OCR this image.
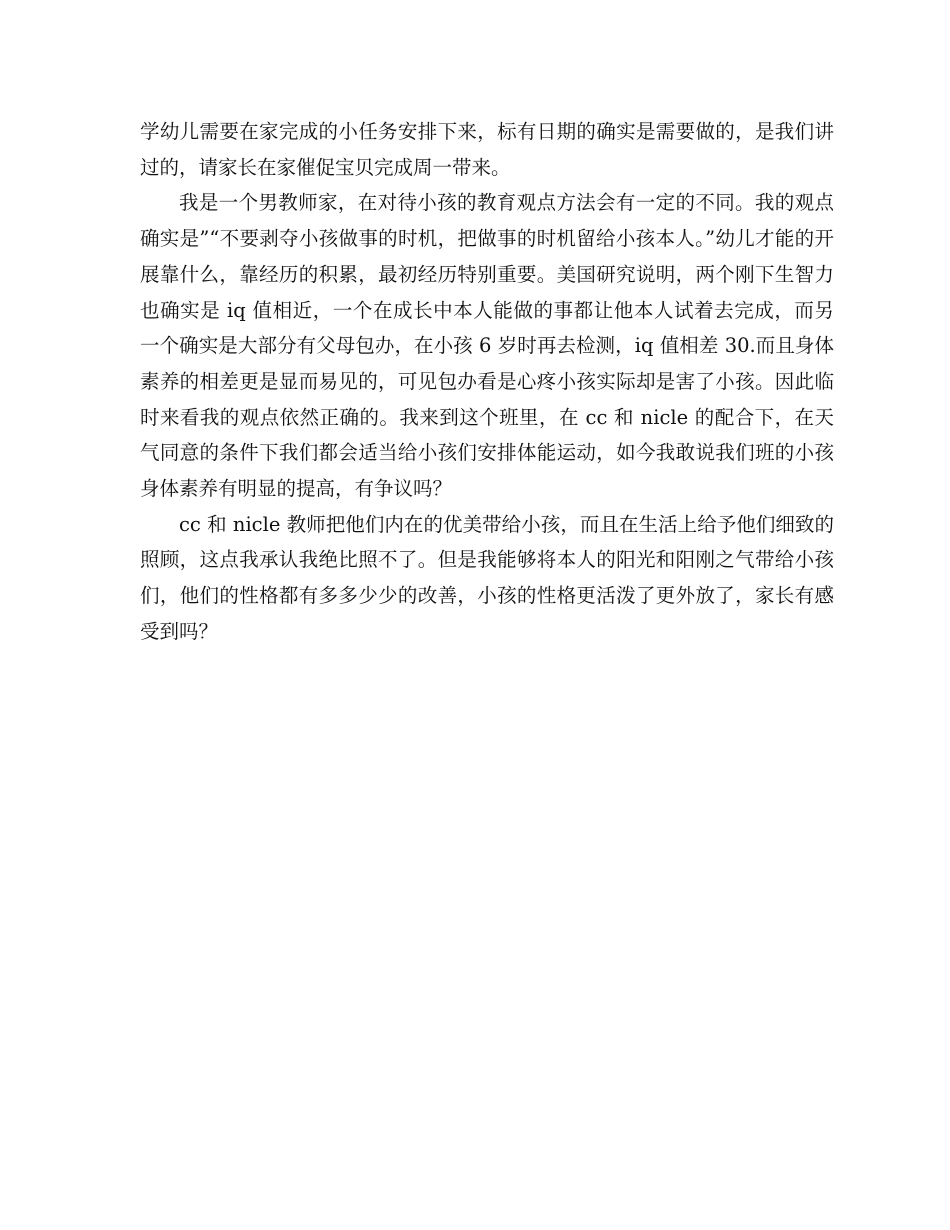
学幼儿需要在家完成的小任务安排下来，标有日期的确实是需要做的，是我们讲过的，请家长在家催促宝贝完成周一带来。

我是一个男教师家，在对待小孩的教育观点方法会有一定的不同。我的观点确实是”“不要剥夺小孩做事的时机，把做事的时机留给小孩本人。”幼儿才能的开展靠什么，靠经历的积累，最初经历特别重要。美国研究说明，两个刚下生智力也确实是 iq 值相近，一个在成长中本人能做的事都让他本人试着去完成，而另一个确实是大部分有父母包办，在小孩 6 岁时再去检测，iq 值相差 30.而且身体素养的相差更是显而易见的，可见包办看是心疼小孩实际却是害了小孩。因此临时来看我的观点依然正确的。我来到这个班里，在 cc 和 nicle 的配合下，在天气同意的条件下我们都会适当给小孩们安排体能运动，如今我敢说我们班的小孩身体素养有明显的提高，有争议吗？

cc 和 nicle 教师把他们内在的优美带给小孩，而且在生活上给予他们细致的照顾，这点我承认我绝比照不了。但是我能够将本人的阳光和阳刚之气带给小孩们，他们的性格都有多多少少的改善，小孩的性格更活泼了更外放了，家长有感受到吗？
